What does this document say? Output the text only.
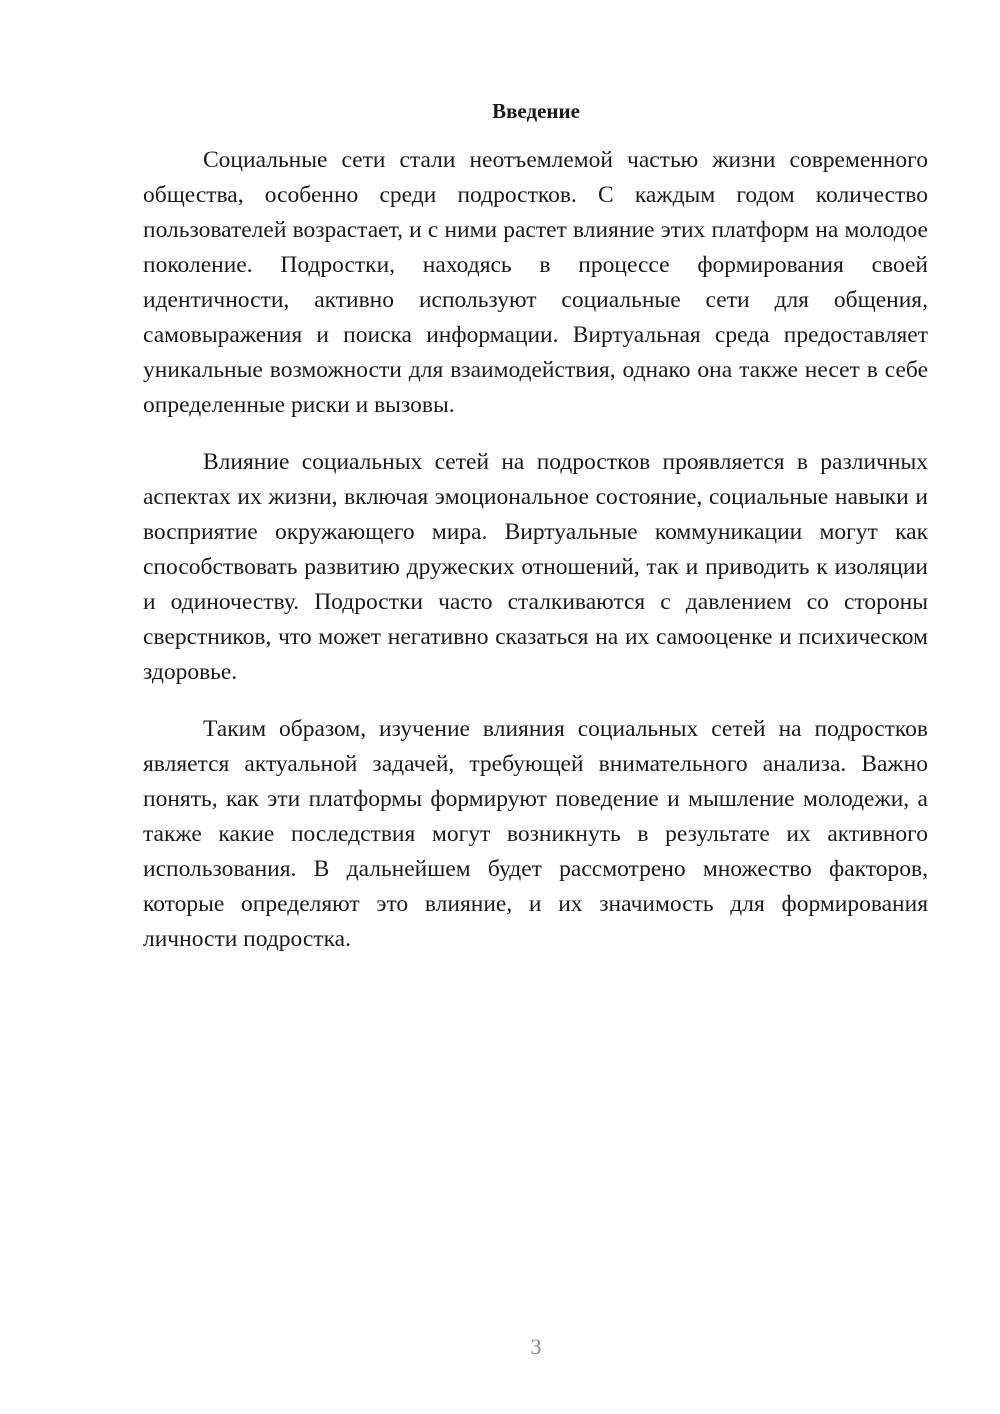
Введение

Социальные сети стали неотъемлемой частью жизни современного общества, особенно среди подростков. С каждым годом количество пользователей возрастает, и с ними растет влияние этих платформ на молодое поколение. Подростки, находясь в процессе формирования своей идентичности, активно используют социальные сети для общения, самовыражения и поиска информации. Виртуальная среда предоставляет уникальные возможности для взаимодействия, однако она также несет в себе определенные риски и вызовы.

Влияние социальных сетей на подростков проявляется в различных аспектах их жизни, включая эмоциональное состояние, социальные навыки и восприятие окружающего мира. Виртуальные коммуникации могут как способствовать развитию дружеских отношений, так и приводить к изоляции и одиночеству. Подростки часто сталкиваются с давлением со стороны сверстников, что может негативно сказаться на их самооценке и психическом здоровье.

Таким образом, изучение влияния социальных сетей на подростков является актуальной задачей, требующей внимательного анализа. Важно понять, как эти платформы формируют поведение и мышление молодежи, а также какие последствия могут возникнуть в результате их активного использования. В дальнейшем будет рассмотрено множество факторов, которые определяют это влияние, и их значимость для формирования личности подростка.

3
